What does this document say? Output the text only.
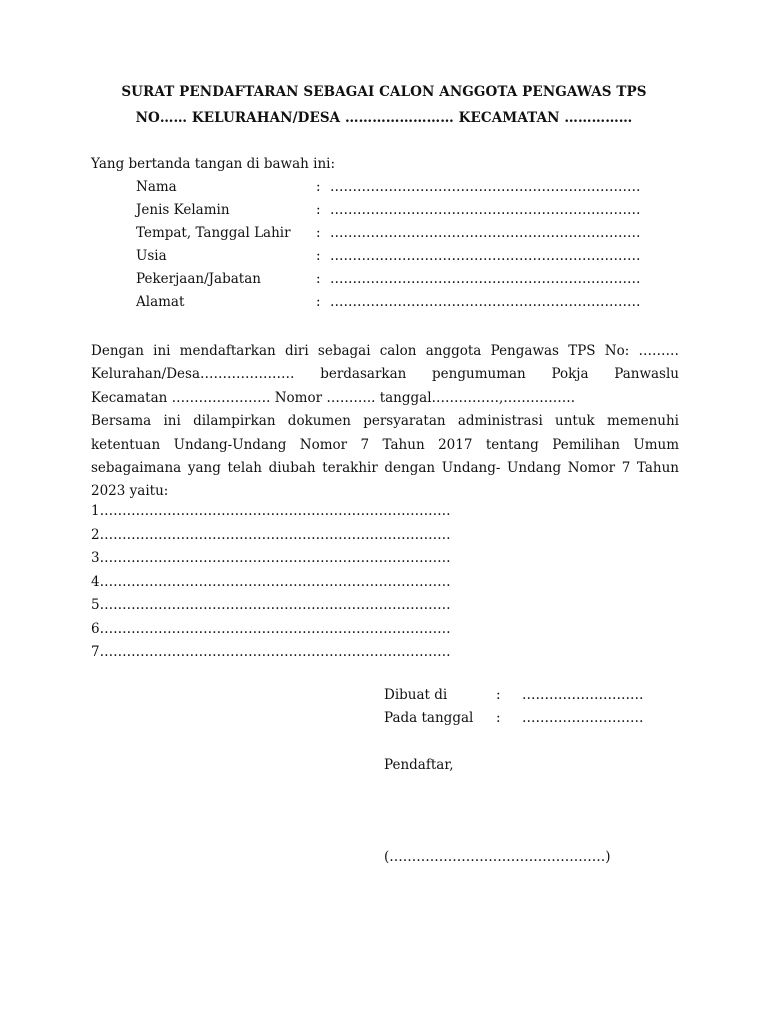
SURAT PENDAFTARAN SEBAGAI CALON ANGGOTA PENGAWAS TPS
NO…… KELURAHAN/DESA …………………… KECAMATAN ……………
Yang bertanda tangan di bawah ini:
Nama	: ……………………………………………………………
Jenis Kelamin	: ……………………………………………………………
Tempat, Tanggal Lahir	: ……………………………………………………………
Usia	: ……………………………………………………………
Pekerjaan/Jabatan	: ……………………………………………………………
Alamat	: ……………………………………………………………

Dengan ini mendaftarkan diri sebagai calon anggota Pengawas TPS No: ………

Kelurahan/Desa………………… berdasarkan pengumuman Pokja Panwaslu

Kecamatan …………………. Nomor ……….. tanggal……………,…………….

Bersama ini dilampirkan dokumen persyaratan administrasi untuk memenuhi ketentuan Undang-Undang Nomor 7 Tahun 2017 tentang Pemilihan Umum sebagaimana yang telah diubah terakhir dengan Undang- Undang Nomor 7 Tahun 2023 yaitu:

1……………………………………………………………………
2……………………………………………………………………
3……………………………………………………………………
4……………………………………………………………………
5……………………………………………………………………
6……………………………………………………………………
7……………………………………………………………………
Dibuat di	:	………………………
Pada tanggal	:	………………………
Pendaftar,
(…………………………………………)
